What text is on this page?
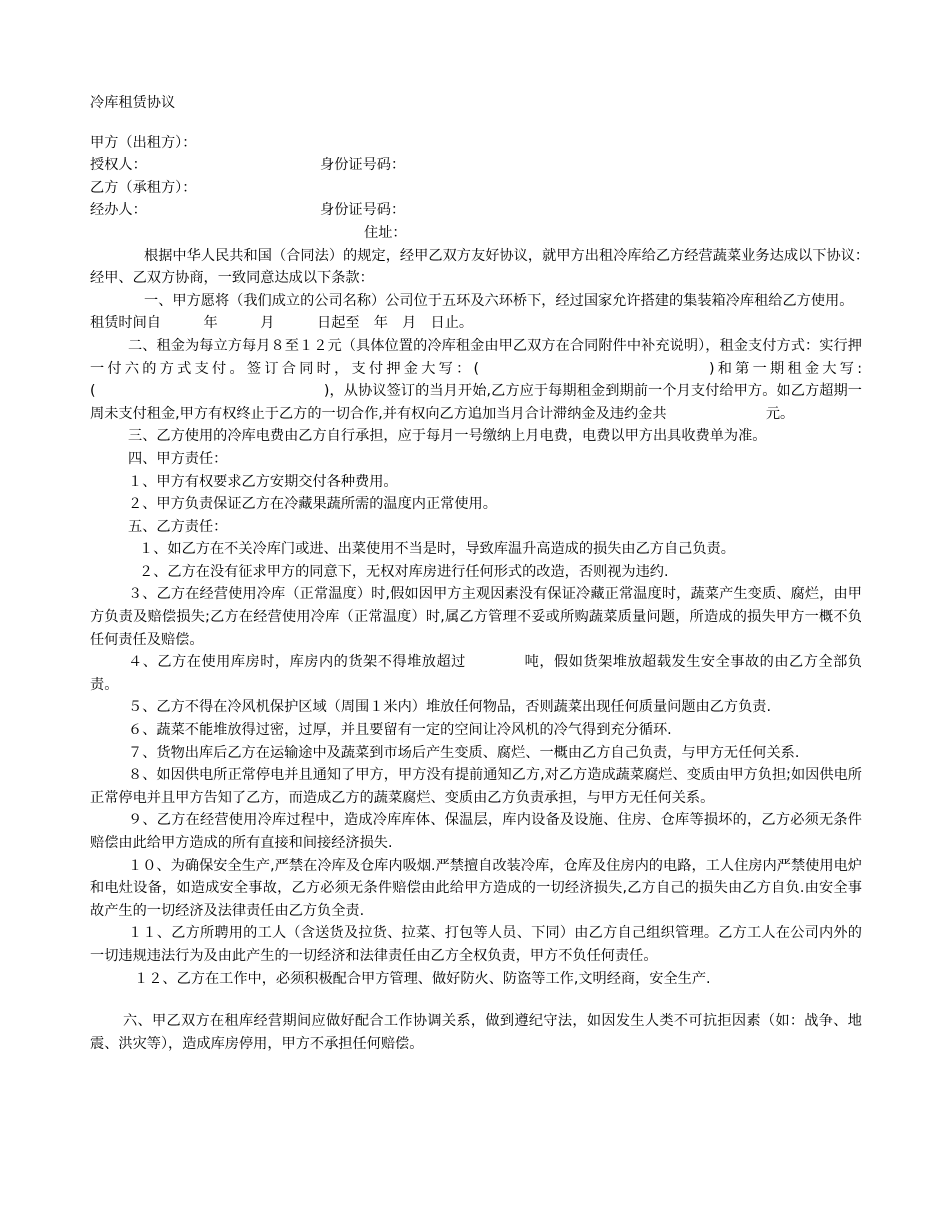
冷库租赁协议
甲方（出租方）：
授权人：	身份证号码：
乙方（承租方）：
经办人：	身份证号码：
住址：

根据中华人民共和国（合同法）的规定，经甲乙双方友好协议，就甲方出租冷库给乙方经营蔬菜业务达成以下协议：　经甲、乙双方协商，一致同意达成以下条款：

一、甲方愿将（我们成立的公司名称）公司位于五环及六环桥下，经过国家允许搭建的集装箱冷库租给乙方使用。

租赁时间自　　　年　　　月　　　日起至　年　月　日止。

二、租金为每立方每月８至１２元（具体位置的冷库租金由甲乙双方在合同附件中补充说明），租金支付方式：实行押一付六的方式支付。签订合同时，支付押金大写：(　　　　　　　　　　　　　)和第一期租金大写:(　　　　　　　　　　　　　　　　)，从协议签订的当月开始,乙方应于每期租金到期前一个月支付给甲方。如乙方超期一周未支付租金,甲方有权终止于乙方的一切合作,并有权向乙方追加当月合计滞纳金及违约金共　　　　　　　元。

三、乙方使用的冷库电费由乙方自行承担，应于每月一号缴纳上月电费，电费以甲方出具收费单为准。

四、甲方责任：

１、甲方有权要求乙方安期交付各种费用。

２、甲方负责保证乙方在冷藏果蔬所需的温度内正常使用。

五、乙方责任：

１、如乙方在不关冷库门或进、出菜使用不当是时，导致库温升高造成的损失由乙方自己负责。

２、乙方在没有征求甲方的同意下，无权对库房进行任何形式的改造，否则视为违约.

３、乙方在经营使用冷库（正常温度）时,假如因甲方主观因素没有保证冷藏正常温度时，蔬菜产生变质、腐烂，由甲方负责及赔偿损失;乙方在经营使用冷库（正常温度）时,属乙方管理不妥或所购蔬菜质量问题，所造成的损失甲方一概不负任何责任及赔偿。

４、乙方在使用库房时，库房内的货架不得堆放超过　　　　吨，假如货架堆放超载发生安全事故的由乙方全部负责。

５、乙方不得在冷风机保护区域（周围１米内）堆放任何物品，否则蔬菜出现任何质量问题由乙方负责.

６、蔬菜不能堆放得过密，过厚，并且要留有一定的空间让冷风机的冷气得到充分循环.

７、货物出库后乙方在运输途中及蔬菜到市场后产生变质、腐烂、一概由乙方自己负责，与甲方无任何关系.

８、如因供电所正常停电并且通知了甲方，甲方没有提前通知乙方,对乙方造成蔬菜腐烂、变质由甲方负担;如因供电所正常停电并且甲方告知了乙方，而造成乙方的蔬菜腐烂、变质由乙方负责承担，与甲方无任何关系。

９、乙方在经营使用冷库过程中，造成冷库库体、保温层，库内设备及设施、住房、仓库等损坏的，乙方必须无条件赔偿由此给甲方造成的所有直接和间接经济损失.

１０、为确保安全生产,严禁在冷库及仓库内吸烟.严禁擅自改装冷库，仓库及住房内的电路，工人住房内严禁使用电炉和电灶设备，如造成安全事故，乙方必须无条件赔偿由此给甲方造成的一切经济损失,乙方自己的损失由乙方自负.由安全事故产生的一切经济及法律责任由乙方负全责.

１１、乙方所聘用的工人（含送货及拉货、拉菜、打包等人员、下同）由乙方自己组织管理。乙方工人在公司内外的一切违规违法行为及由此产生的一切经济和法律责任由乙方全权负责，甲方不负任何责任。

１２、乙方在工作中，必须积极配合甲方管理、做好防火、防盗等工作,文明经商，安全生产.

六、甲乙双方在租库经营期间应做好配合工作协调关系，做到遵纪守法，如因发生人类不可抗拒因素（如：战争、地震、洪灾等），造成库房停用，甲方不承担任何赔偿。
